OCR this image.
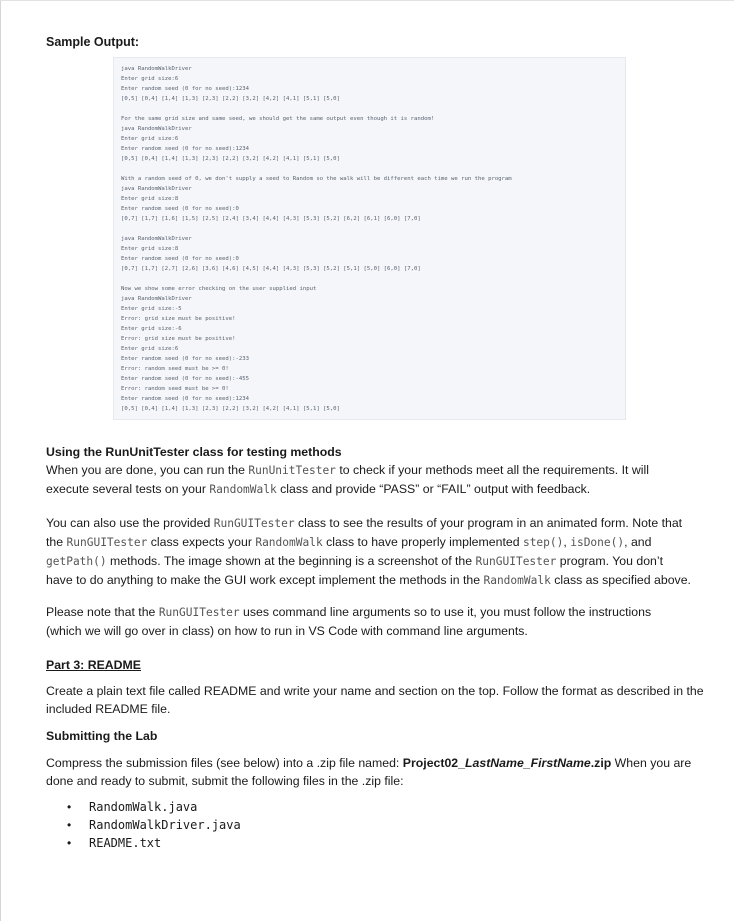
Sample Output:
java RandomWalkDriver
Enter grid size:6
Enter random seed (0 for no seed):1234
[0,5] [0,4] [1,4] [1,3] [2,3] [2,2] [3,2] [4,2] [4,1] [5,1] [5,0]
For the same grid size and same seed, we should get the same output even though it is random!
java RandomWalkDriver
Enter grid size:6
Enter random seed (0 for no seed):1234
[0,5] [0,4] [1,4] [1,3] [2,3] [2,2] [3,2] [4,2] [4,1] [5,1] [5,0]
With a random seed of 0, we don't supply a seed to Random so the walk will be different each time we run the program
java RandomWalkDriver
Enter grid size:8
Enter random seed (0 for no seed):0
[0,7] [1,7] [1,6] [1,5] [2,5] [2,4] [3,4] [4,4] [4,3] [5,3] [5,2] [6,2] [6,1] [6,0] [7,0]
java RandomWalkDriver
Enter grid size:8
Enter random seed (0 for no seed):0
[0,7] [1,7] [2,7] [2,6] [3,6] [4,6] [4,5] [4,4] [4,3] [5,3] [5,2] [5,1] [5,0] [6,0] [7,0]
Now we show some error checking on the user supplied input
java RandomWalkDriver
Enter grid size:-5
Error: grid size must be positive!
Enter grid size:-6
Error: grid size must be positive!
Enter grid size:6
Enter random seed (0 for no seed):-233
Error: random seed must be >= 0!
Enter random seed (0 for no seed):-455
Error: random seed must be >= 0!
Enter random seed (0 for no seed):1234
[0,5] [0,4] [1,4] [1,3] [2,3] [2,2] [3,2] [4,2] [4,1] [5,1] [5,0]
Using the RunUnitTester class for testing methods
When you are done, you can run the RunUnitTester to check if your methods meet all the requirements. It will
execute several tests on your RandomWalk class and provide “PASS” or “FAIL” output with feedback.
You can also use the provided RunGUITester class to see the results of your program in an animated form. Note that
the RunGUITester class expects your RandomWalk class to have properly implemented step(), isDone(), and
getPath() methods. The image shown at the beginning is a screenshot of the RunGUITester program. You don’t
have to do anything to make the GUI work except implement the methods in the RandomWalk class as specified above.
Please note that the RunGUITester uses command line arguments so to use it, you must follow the instructions
(which we will go over in class) on how to run in VS Code with command line arguments.
Part 3: README
Create a plain text file called README and write your name and section on the top. Follow the format as described in the
included README file.
Submitting the Lab
Compress the submission files (see below) into a .zip file named: Project02_LastName_FirstName.zip When you are
done and ready to submit, submit the following files in the .zip file:
• RandomWalk.java
• RandomWalkDriver.java
• README.txt
